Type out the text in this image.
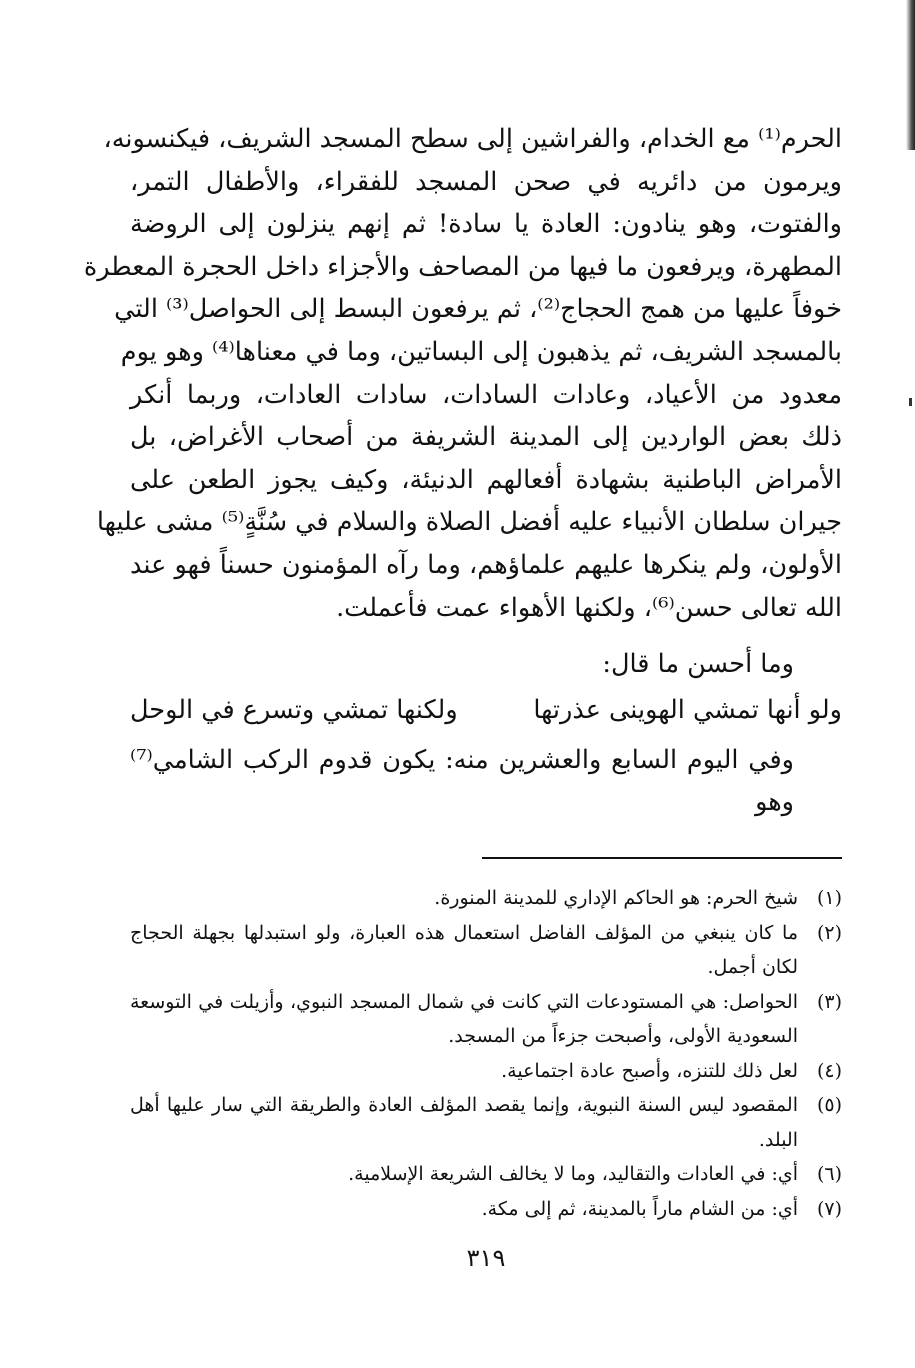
الحرم⁽¹⁾ مع الخدام، والفراشين إلى سطح المسجد الشريف، فيكنسونه،
ويرمون من دائريه في صحن المسجد للفقراء، والأطفال التمر،
والفتوت، وهو ينادون: العادة يا سادة! ثم إنهم ينزلون إلى الروضة
المطهرة، ويرفعون ما فيها من المصاحف والأجزاء داخل الحجرة المعطرة
خوفاً عليها من همج الحجاج⁽²⁾، ثم يرفعون البسط إلى الحواصل⁽³⁾ التي
بالمسجد الشريف، ثم يذهبون إلى البساتين، وما في معناها⁽⁴⁾ وهو يوم
معدود من الأعياد، وعادات السادات، سادات العادات، وربما أنكر
ذلك بعض الواردين إلى المدينة الشريفة من أصحاب الأغراض، بل
الأمراض الباطنية بشهادة أفعالهم الدنيئة، وكيف يجوز الطعن على
جيران سلطان الأنبياء عليه أفضل الصلاة والسلام في سُنَّةٍ⁽⁵⁾ مشى عليها
الأولون، ولم ينكرها عليهم علماؤهم، وما رآه المؤمنون حسناً فهو عند
الله تعالى حسن⁽⁶⁾، ولكنها الأهواء عمت فأعملت.
وما أحسن ما قال:
ولو أنها تمشي الهوينى عذرتها
ولكنها تمشي وتسرع في الوحل
وفي اليوم السابع والعشرين منه: يكون قدوم الركب الشامي⁽⁷⁾ وهو
(١)
شيخ الحرم: هو الحاكم الإداري للمدينة المنورة.
(٢)
ما كان ينبغي من المؤلف الفاضل استعمال هذه العبارة، ولو استبدلها بجهلة الحجاج لكان أجمل.
(٣)
الحواصل: هي المستودعات التي كانت في شمال المسجد النبوي، وأزيلت في التوسعة السعودية الأولى، وأصبحت جزءاً من المسجد.
(٤)
لعل ذلك للتنزه، وأصبح عادة اجتماعية.
(٥)
المقصود ليس السنة النبوية، وإنما يقصد المؤلف العادة والطريقة التي سار عليها أهل البلد.
(٦)
أي: في العادات والتقاليد، وما لا يخالف الشريعة الإسلامية.
(٧)
أي: من الشام ماراً بالمدينة، ثم إلى مكة.
٣١٩
